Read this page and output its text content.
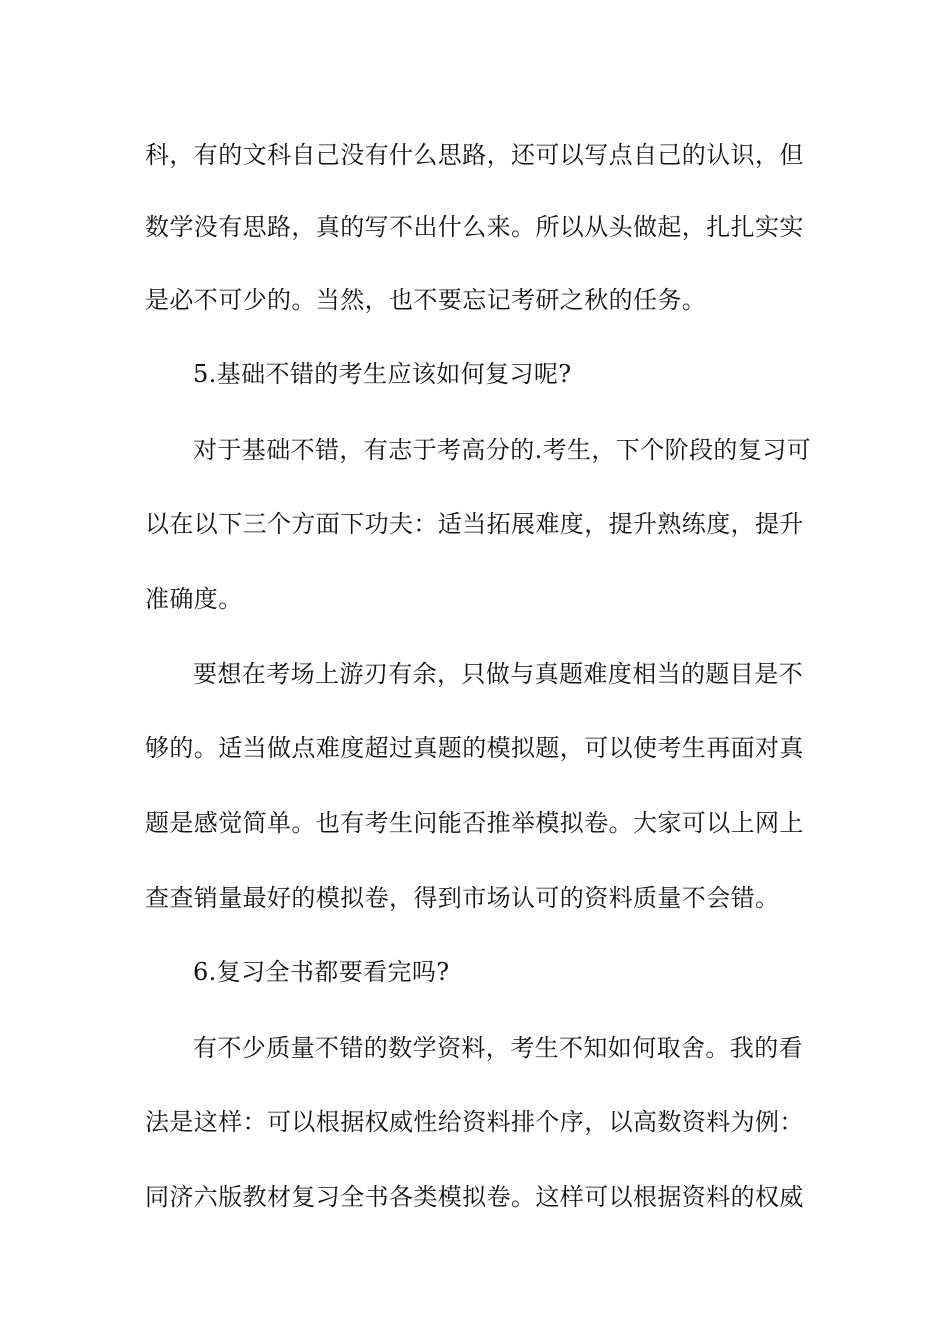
科，有的文科自己没有什么思路，还可以写点自己的认识，但
数学没有思路，真的写不出什么来。所以从头做起，扎扎实实
是必不可少的。当然，也不要忘记考研之秋的任务。
5.基础不错的考生应该如何复习呢?
对于基础不错，有志于考高分的.考生，下个阶段的复习可
以在以下三个方面下功夫：适当拓展难度，提升熟练度，提升
准确度。
要想在考场上游刃有余，只做与真题难度相当的题目是不
够的。适当做点难度超过真题的模拟题，可以使考生再面对真
题是感觉简单。也有考生问能否推举模拟卷。大家可以上网上
查查销量最好的模拟卷，得到市场认可的资料质量不会错。
6.复习全书都要看完吗?
有不少质量不错的数学资料，考生不知如何取舍。我的看
法是这样：可以根据权威性给资料排个序，以高数资料为例：
同济六版教材复习全书各类模拟卷。这样可以根据资料的权威
